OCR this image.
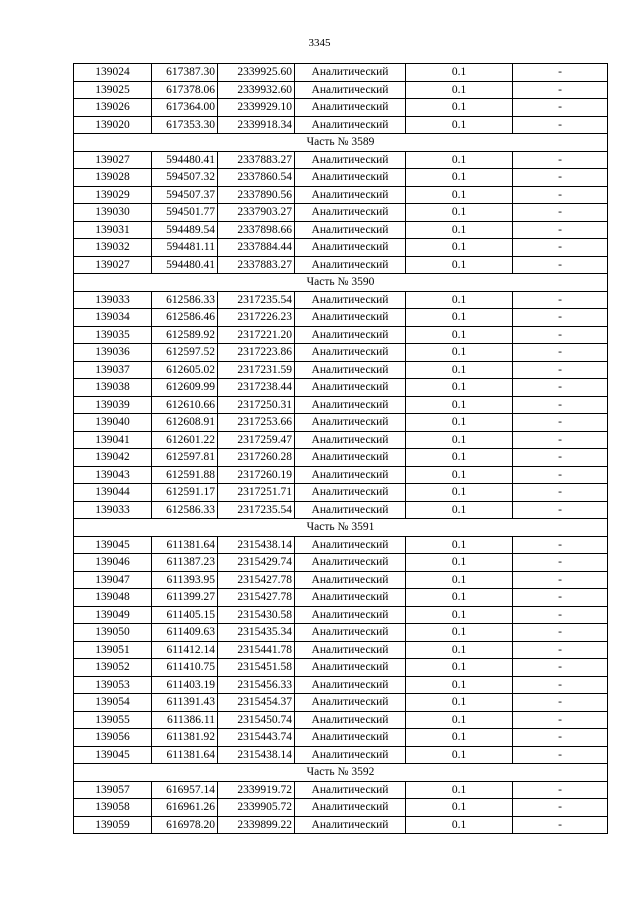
3345
139024	617387.30	2339925.60	Аналитический	0.1	-
139025	617378.06	2339932.60	Аналитический	0.1	-
139026	617364.00	2339929.10	Аналитический	0.1	-
139020	617353.30	2339918.34	Аналитический	0.1	-
Часть № 3589					
139027	594480.41	2337883.27	Аналитический	0.1	-
139028	594507.32	2337860.54	Аналитический	0.1	-
139029	594507.37	2337890.56	Аналитический	0.1	-
139030	594501.77	2337903.27	Аналитический	0.1	-
139031	594489.54	2337898.66	Аналитический	0.1	-
139032	594481.11	2337884.44	Аналитический	0.1	-
139027	594480.41	2337883.27	Аналитический	0.1	-
Часть № 3590					
139033	612586.33	2317235.54	Аналитический	0.1	-
139034	612586.46	2317226.23	Аналитический	0.1	-
139035	612589.92	2317221.20	Аналитический	0.1	-
139036	612597.52	2317223.86	Аналитический	0.1	-
139037	612605.02	2317231.59	Аналитический	0.1	-
139038	612609.99	2317238.44	Аналитический	0.1	-
139039	612610.66	2317250.31	Аналитический	0.1	-
139040	612608.91	2317253.66	Аналитический	0.1	-
139041	612601.22	2317259.47	Аналитический	0.1	-
139042	612597.81	2317260.28	Аналитический	0.1	-
139043	612591.88	2317260.19	Аналитический	0.1	-
139044	612591.17	2317251.71	Аналитический	0.1	-
139033	612586.33	2317235.54	Аналитический	0.1	-
Часть № 3591					
139045	611381.64	2315438.14	Аналитический	0.1	-
139046	611387.23	2315429.74	Аналитический	0.1	-
139047	611393.95	2315427.78	Аналитический	0.1	-
139048	611399.27	2315427.78	Аналитический	0.1	-
139049	611405.15	2315430.58	Аналитический	0.1	-
139050	611409.63	2315435.34	Аналитический	0.1	-
139051	611412.14	2315441.78	Аналитический	0.1	-
139052	611410.75	2315451.58	Аналитический	0.1	-
139053	611403.19	2315456.33	Аналитический	0.1	-
139054	611391.43	2315454.37	Аналитический	0.1	-
139055	611386.11	2315450.74	Аналитический	0.1	-
139056	611381.92	2315443.74	Аналитический	0.1	-
139045	611381.64	2315438.14	Аналитический	0.1	-
Часть № 3592					
139057	616957.14	2339919.72	Аналитический	0.1	-
139058	616961.26	2339905.72	Аналитический	0.1	-
139059	616978.20	2339899.22	Аналитический	0.1	-
